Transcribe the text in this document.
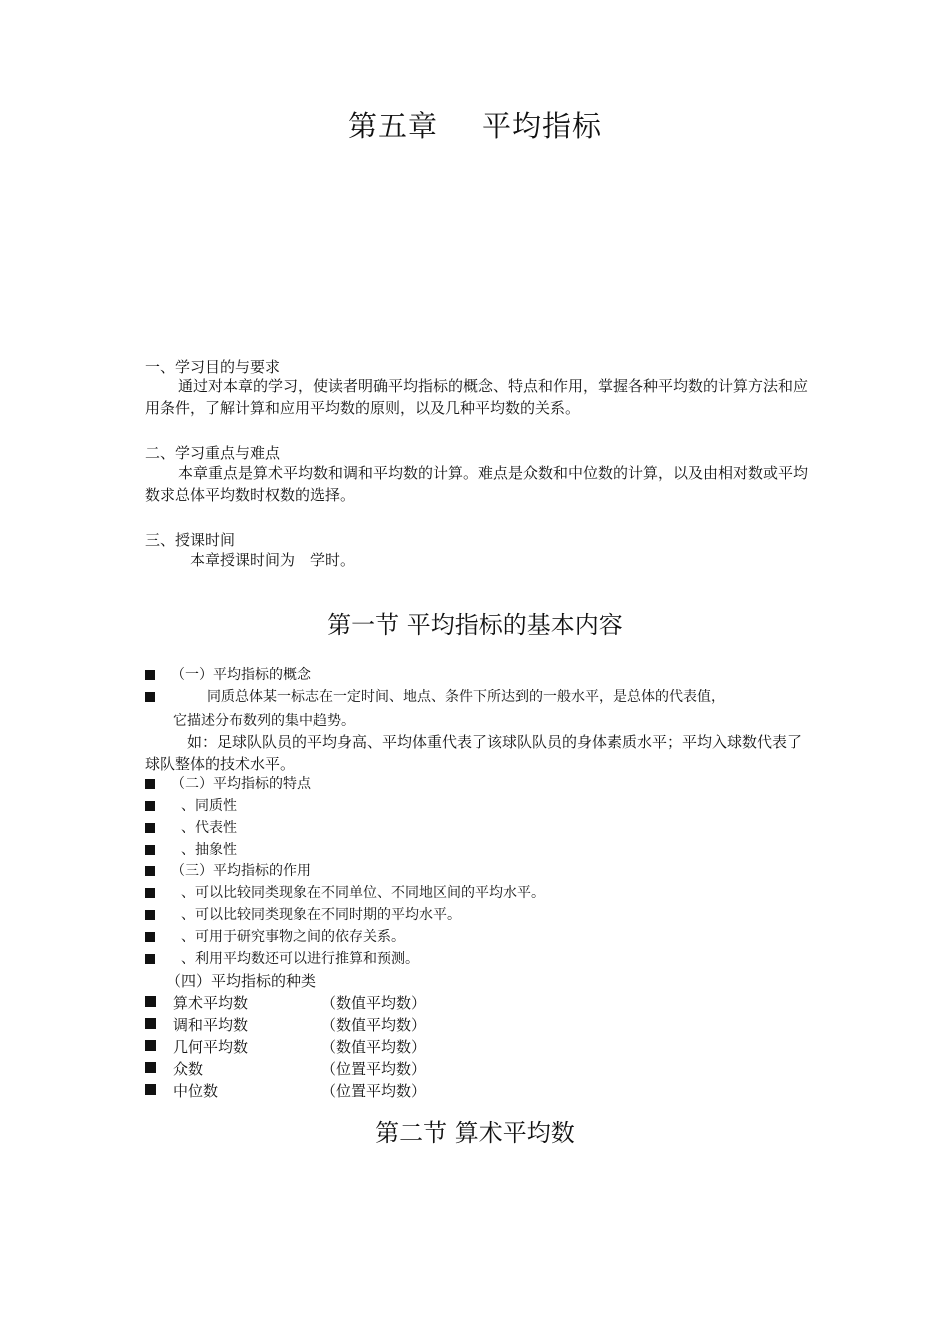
第五章 平均指标
一、学习目的与要求
通过对本章的学习，使读者明确平均指标的概念、特点和作用，掌握各种平均数的计算方法和应用条件，了解计算和应用平均数的原则，以及几种平均数的关系。
二、学习重点与难点
本章重点是算术平均数和调和平均数的计算。难点是众数和中位数的计算，以及由相对数或平均数求总体平均数时权数的选择。
三、授课时间
本章授课时间为　学时。
第一节 平均指标的基本内容
（一）平均指标的概念
同质总体某一标志在一定时间、地点、条件下所达到的一般水平，是总体的代表值，
它描述分布数列的集中趋势。
如：足球队队员的平均身高、平均体重代表了该球队队员的身体素质水平；平均入球数代表了球队整体的技术水平。
（二）平均指标的特点
、同质性
、代表性
、抽象性
（三）平均指标的作用
、可以比较同类现象在不同单位、不同地区间的平均水平。
、可以比较同类现象在不同时期的平均水平。
、可用于研究事物之间的依存关系。
、利用平均数还可以进行推算和预测。
（四）平均指标的种类
算术平均数	（数值平均数）
调和平均数	（数值平均数）
几何平均数	（数值平均数）
众数	（位置平均数）
中位数	（位置平均数）
第二节 算术平均数
